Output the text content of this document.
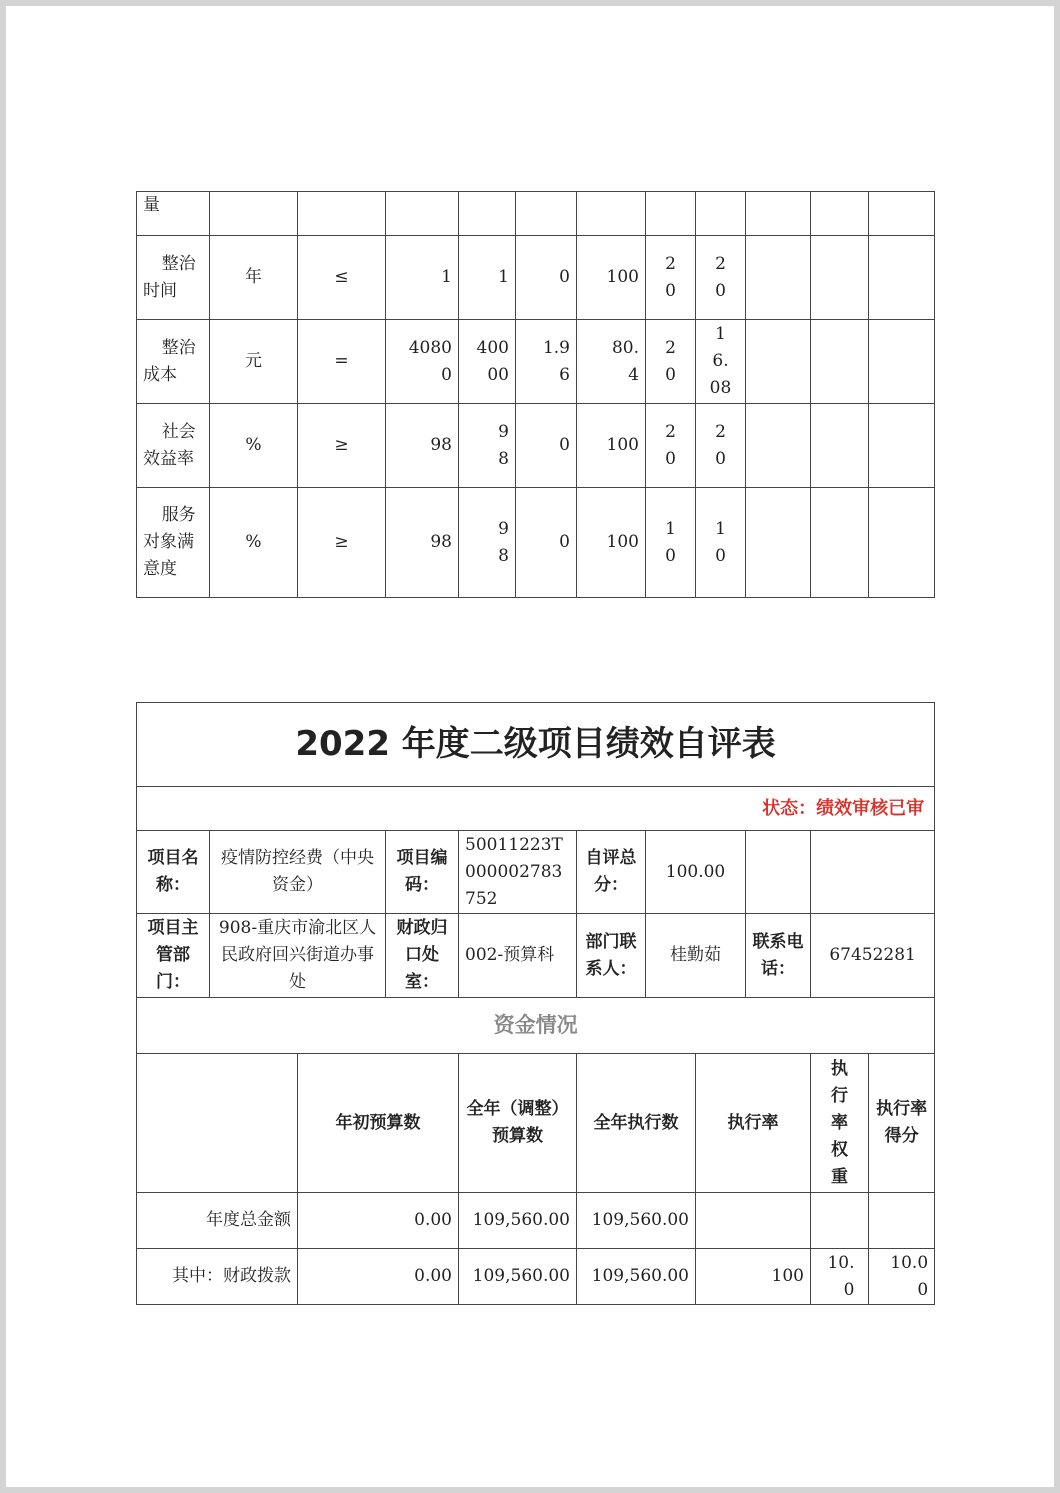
量											
整治时间	年	≤	1	1	0	100	20	20			

整治成本	元	=	40800	40000	1.96	80.4	20	16.08			

社会效益率	%	≥	98	98	0	100	20	20			

服务对象满意度	%	≥	98	98	0	100	10	10			

2022 年度二级项目绩效自评表										
状态：绩效审核已审										
项目名称：	疫情防控经费（中央资金）		项目编码：	50011223T000002783752	自评总分：	100.00				
项目主管部门：	908-重庆市渝北区人民政府回兴街道办事处		财政归口处室：	002-预算科	部门联系人：	桂勤茹		联系电话：	67452281	
资金情况										
		年初预算数		全年（调整）预算数	全年执行数		执行率		执行率权重	执行率得分
年度总金额		0.00		109,560.00	109,560.00					

其中：财政拨款		0.00		109,560.00	109,560.00		100		10.0	10.00
